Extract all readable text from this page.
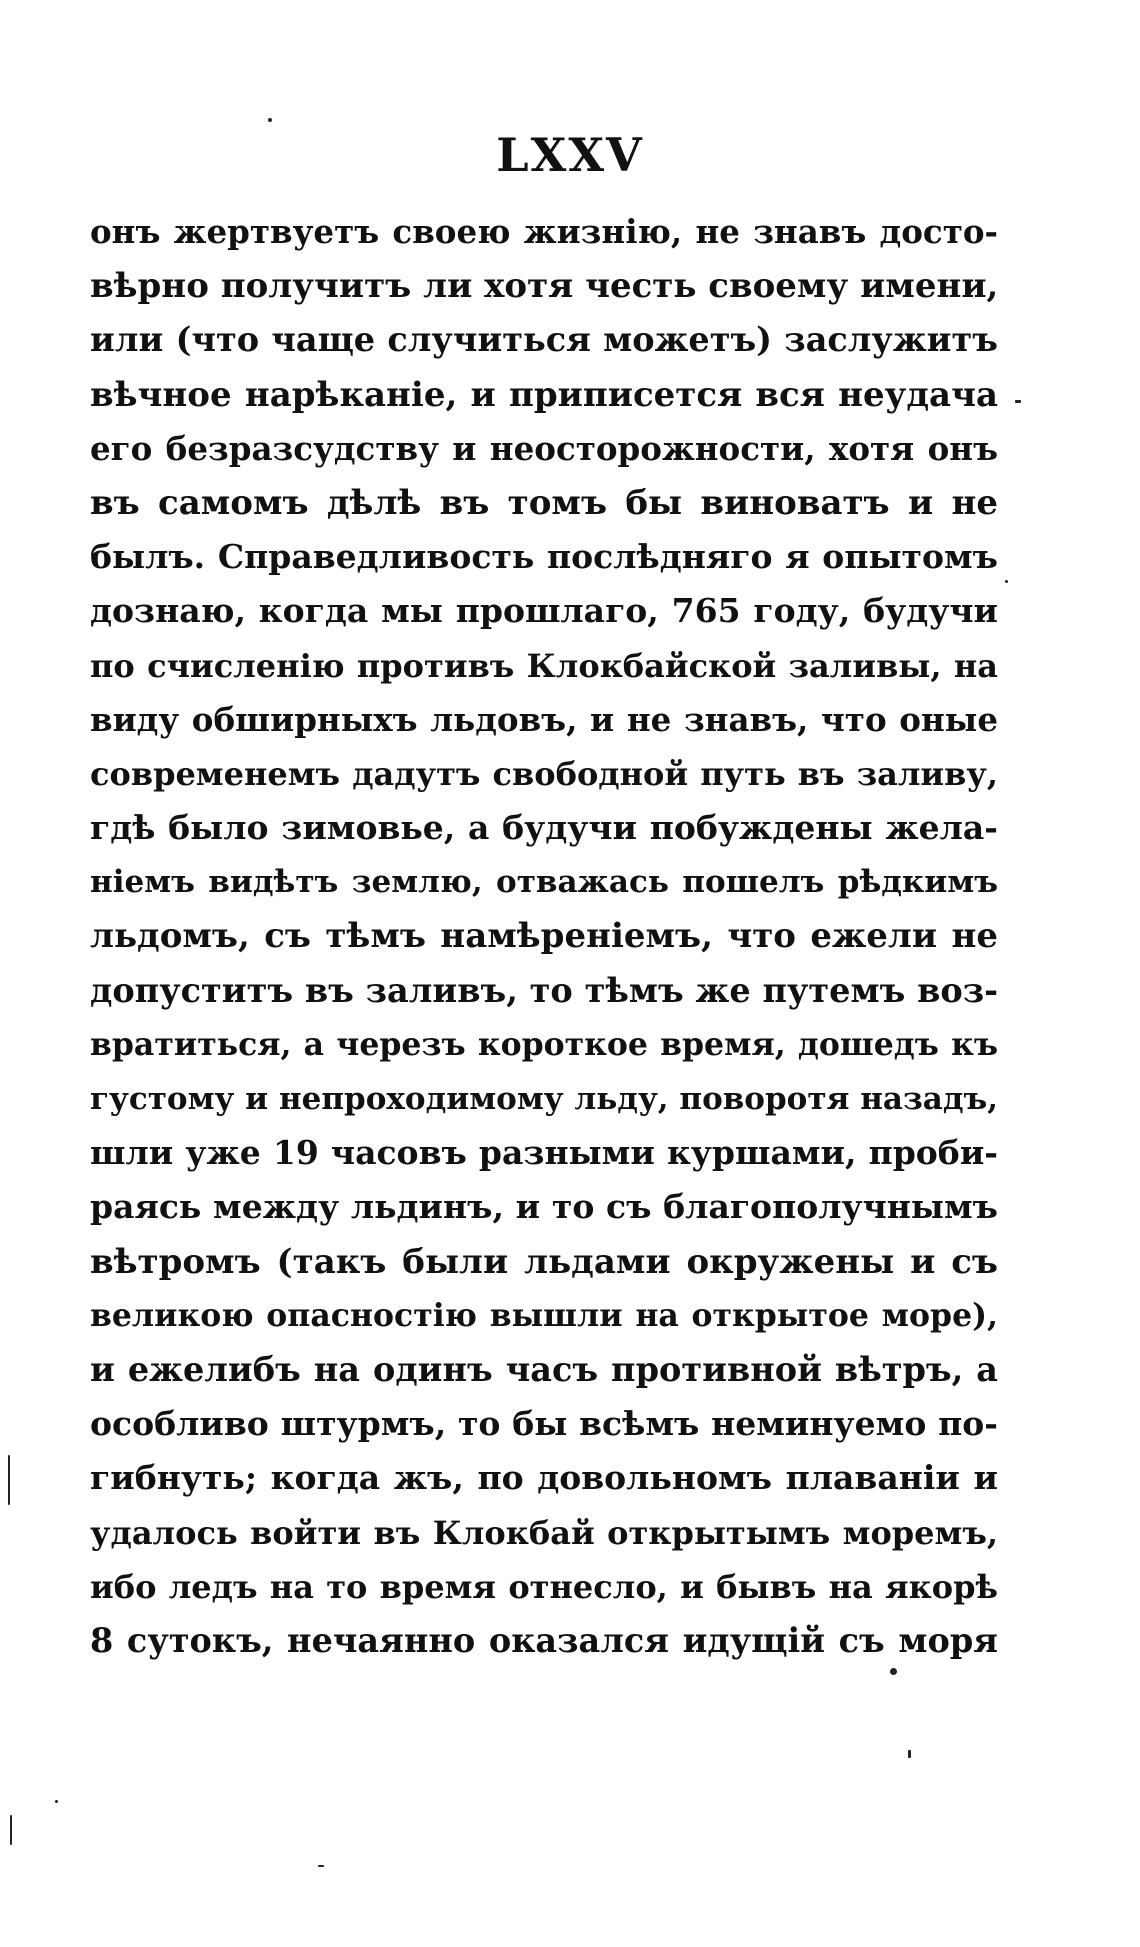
LXXV
онъ жертвуетъ своею жизнію, не знавъ досто-
вѣрно получитъ ли хотя честь своему имени,
или (что чаще случиться можетъ) заслужитъ
вѣчное нарѣканіе, и приписется вся неудача
его безразсудству и неосторожности, хотя онъ
въ самомъ дѣлѣ въ томъ бы виноватъ и не
былъ. Справедливость послѣдняго я опытомъ
дознаю, когда мы прошлаго, 765 году, будучи
по счисленію противъ Клокбайской заливы, на
виду обширныхъ льдовъ, и не знавъ, что оные
современемъ дадутъ свободной путь въ заливу,
гдѣ было зимовье, а будучи побуждены жела-
ніемъ видѣтъ землю, отважась пошелъ рѣдкимъ
льдомъ, съ тѣмъ намѣреніемъ, что ежели не
допуститъ въ заливъ, то тѣмъ же путемъ воз-
вратиться, а черезъ короткое время, дошедъ къ
густому и непроходимому льду, поворотя назадъ,
шли уже 19 часовъ разными куршами, проби-
раясь между льдинъ, и то съ благополучнымъ
вѣтромъ (такъ были льдами окружены и съ
великою опасностію вышли на открытое море),
и ежелибъ на одинъ часъ противной вѣтръ, а
особливо штурмъ, то бы всѣмъ неминуемо по-
гибнуть; когда жъ, по довольномъ плаваніи и
удалось войти въ Клокбай открытымъ моремъ,
ибо ледъ на то время отнесло, и бывъ на якорѣ
8 сутокъ, нечаянно оказался идущій съ моря
